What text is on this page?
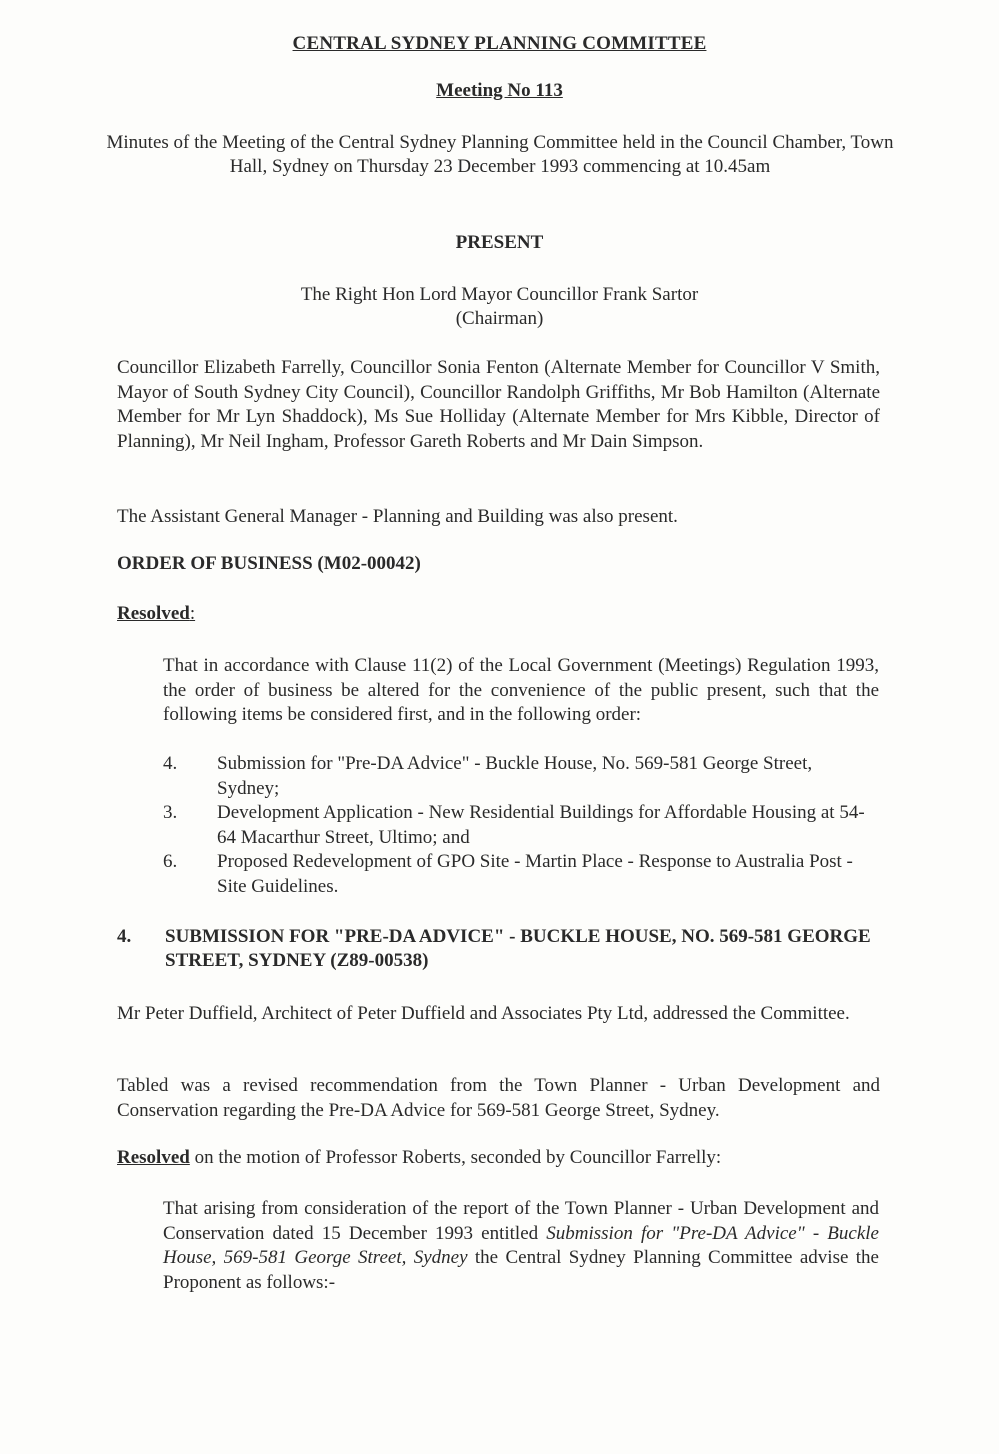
CENTRAL SYDNEY PLANNING COMMITTEE
Meeting No 113
Minutes of the Meeting of the Central Sydney Planning Committee held in the Council Chamber, Town Hall, Sydney on Thursday 23 December 1993 commencing at 10.45am
PRESENT
The Right Hon Lord Mayor Councillor Frank Sartor
(Chairman)
Councillor Elizabeth Farrelly, Councillor Sonia Fenton (Alternate Member for Councillor V Smith, Mayor of South Sydney City Council), Councillor Randolph Griffiths, Mr Bob Hamilton (Alternate Member for Mr Lyn Shaddock), Ms Sue Holliday (Alternate Member for Mrs Kibble, Director of Planning), Mr Neil Ingham, Professor Gareth Roberts and Mr Dain Simpson.
The Assistant General Manager - Planning and Building was also present.
ORDER OF BUSINESS (M02-00042)
Resolved:
That in accordance with Clause 11(2) of the Local Government (Meetings) Regulation 1993, the order of business be altered for the convenience of the public present, such that the following items be considered first, and in the following order:
4.	Submission for "Pre-DA Advice" - Buckle House, No. 569-581 George Street, Sydney;
3.	Development Application - New Residential Buildings for Affordable Housing at 54-64 Macarthur Street, Ultimo; and
6.	Proposed Redevelopment of GPO Site - Martin Place - Response to Australia Post -Site Guidelines.
4.	SUBMISSION FOR "PRE-DA ADVICE" - BUCKLE HOUSE, NO. 569-581 GEORGE STREET, SYDNEY (Z89-00538)
Mr Peter Duffield, Architect of Peter Duffield and Associates Pty Ltd, addressed the Committee.
Tabled was a revised recommendation from the Town Planner - Urban Development and Conservation regarding the Pre-DA Advice for 569-581 George Street, Sydney.
Resolved on the motion of Professor Roberts, seconded by Councillor Farrelly:
That arising from consideration of the report of the Town Planner - Urban Development and Conservation dated 15 December 1993 entitled Submission for "Pre-DA Advice" - Buckle House, 569-581 George Street, Sydney the Central Sydney Planning Committee advise the Proponent as follows:-
